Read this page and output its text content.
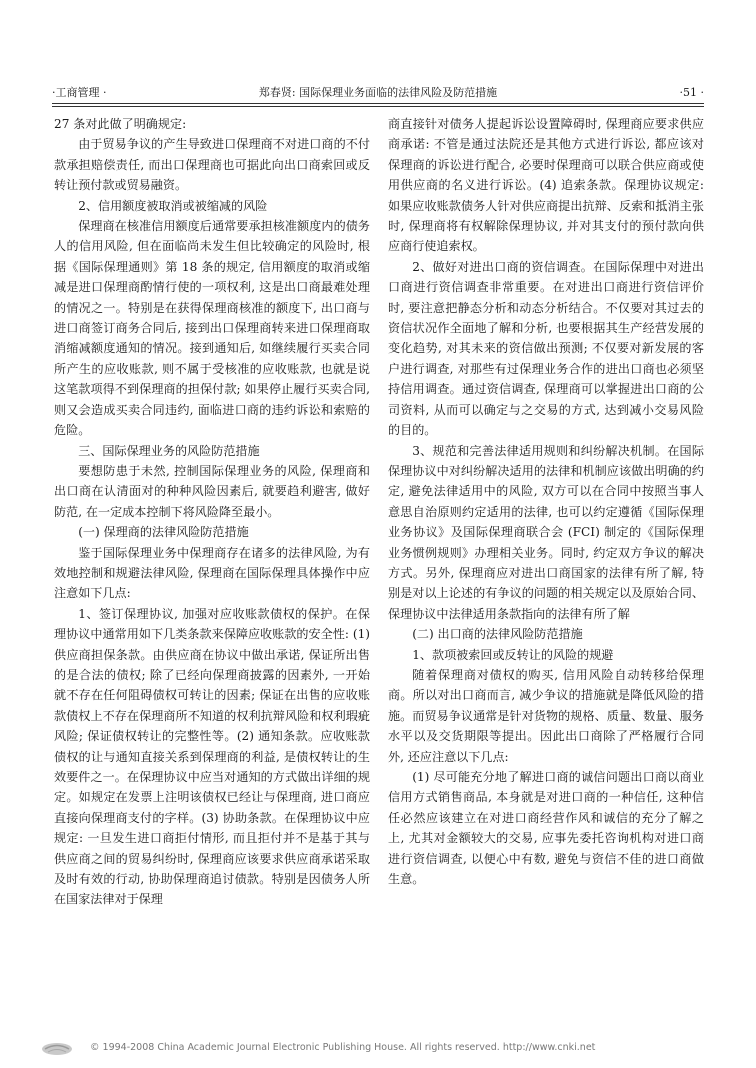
·工商管理 ·	郑春贤: 国际保理业务面临的法律风险及防范措施	·51 ·

27 条对此做了明确规定:

由于贸易争议的产生导致进口保理商不对进口商的不付款承担赔偿责任, 而出口保理商也可据此向出口商索回或反转让预付款或贸易融资。

2、信用额度被取消或被缩减的风险

保理商在核准信用额度后通常要承担核准额度内的债务人的信用风险, 但在面临尚未发生但比较确定的风险时, 根据《国际保理通则》第 18 条的规定, 信用额度的取消或缩减是进口保理商酌情行使的一项权利, 这是出口商最难处理的情况之一。特别是在获得保理商核准的额度下, 出口商与进口商签订商务合同后, 接到出口保理商转来进口保理商取消缩减额度通知的情况。接到通知后, 如继续履行买卖合同所产生的应收账款, 则不属于受核准的应收账款, 也就是说这笔款项得不到保理商的担保付款; 如果停止履行买卖合同, 则又会造成买卖合同违约, 面临进口商的违约诉讼和索赔的危险。

三、国际保理业务的风险防范措施

要想防患于未然, 控制国际保理业务的风险, 保理商和出口商在认清面对的种种风险因素后, 就要趋利避害, 做好防范, 在一定成本控制下将风险降至最小。

(一) 保理商的法律风险防范措施

鉴于国际保理业务中保理商存在诸多的法律风险, 为有效地控制和规避法律风险, 保理商在国际保理具体操作中应注意如下几点:

1、签订保理协议, 加强对应收账款债权的保护。在保理协议中通常用如下几类条款来保障应收账款的安全性: (1) 供应商担保条款。由供应商在协议中做出承诺, 保证所出售的是合法的债权; 除了已经向保理商披露的因素外, 一开始就不存在任何阻碍债权可转让的因素; 保证在出售的应收账款债权上不存在保理商所不知道的权利抗辩风险和权利瑕疵风险; 保证债权转让的完整性等。(2) 通知条款。应收账款债权的让与通知直接关系到保理商的利益, 是债权转让的生效要件之一。在保理协议中应当对通知的方式做出详细的规定。如规定在发票上注明该债权已经让与保理商, 进口商应直接向保理商支付的字样。(3) 协助条款。在保理协议中应规定: 一旦发生进口商拒付情形, 而且拒付并不是基于其与供应商之间的贸易纠纷时, 保理商应该要求供应商承诺采取及时有效的行动, 协助保理商追讨债款。特别是因债务人所在国家法律对于保理

商直接针对债务人提起诉讼设置障碍时, 保理商应要求供应商承诺: 不管是通过法院还是其他方式进行诉讼, 都应该对保理商的诉讼进行配合, 必要时保理商可以联合供应商或使用供应商的名义进行诉讼。(4) 追索条款。保理协议规定: 如果应收账款债务人针对供应商提出抗辩、反索和抵消主张时, 保理商将有权解除保理协议, 并对其支付的预付款向供应商行使追索权。

2、做好对进出口商的资信调查。在国际保理中对进出口商进行资信调查非常重要。在对进出口商进行资信评价时, 要注意把静态分析和动态分析结合。不仅要对其过去的资信状况作全面地了解和分析, 也要根据其生产经营发展的变化趋势, 对其未来的资信做出预测; 不仅要对新发展的客户进行调查, 对那些有过保理业务合作的进出口商也必须坚持信用调查。通过资信调查, 保理商可以掌握进出口商的公司资料, 从而可以确定与之交易的方式, 达到减小交易风险的目的。

3、规范和完善法律适用规则和纠纷解决机制。在国际保理协议中对纠纷解决适用的法律和机制应该做出明确的约定, 避免法律适用中的风险, 双方可以在合同中按照当事人意思自治原则约定适用的法律, 也可以约定遵循《国际保理业务协议》及国际保理商联合会 (FCI) 制定的《国际保理业务惯例规则》办理相关业务。同时, 约定双方争议的解决方式。另外, 保理商应对进出口商国家的法律有所了解, 特别是对以上论述的有争议的问题的相关规定以及原始合同、保理协议中法律适用条款指向的法律有所了解

(二) 出口商的法律风险防范措施

1、款项被索回或反转让的风险的规避

随着保理商对债权的购买, 信用风险自动转移给保理商。所以对出口商而言, 减少争议的措施就是降低风险的措施。而贸易争议通常是针对货物的规格、质量、数量、服务水平以及交货期限等提出。因此出口商除了严格履行合同外, 还应注意以下几点:

(1) 尽可能充分地了解进口商的诚信问题出口商以商业信用方式销售商品, 本身就是对进口商的一种信任, 这种信任必然应该建立在对进口商经营作风和诚信的充分了解之上, 尤其对金额较大的交易, 应事先委托咨询机构对进口商进行资信调查, 以便心中有数, 避免与资信不佳的进口商做生意。

© 1994-2008 China Academic Journal Electronic Publishing House. All rights reserved. http://www.cnki.net
